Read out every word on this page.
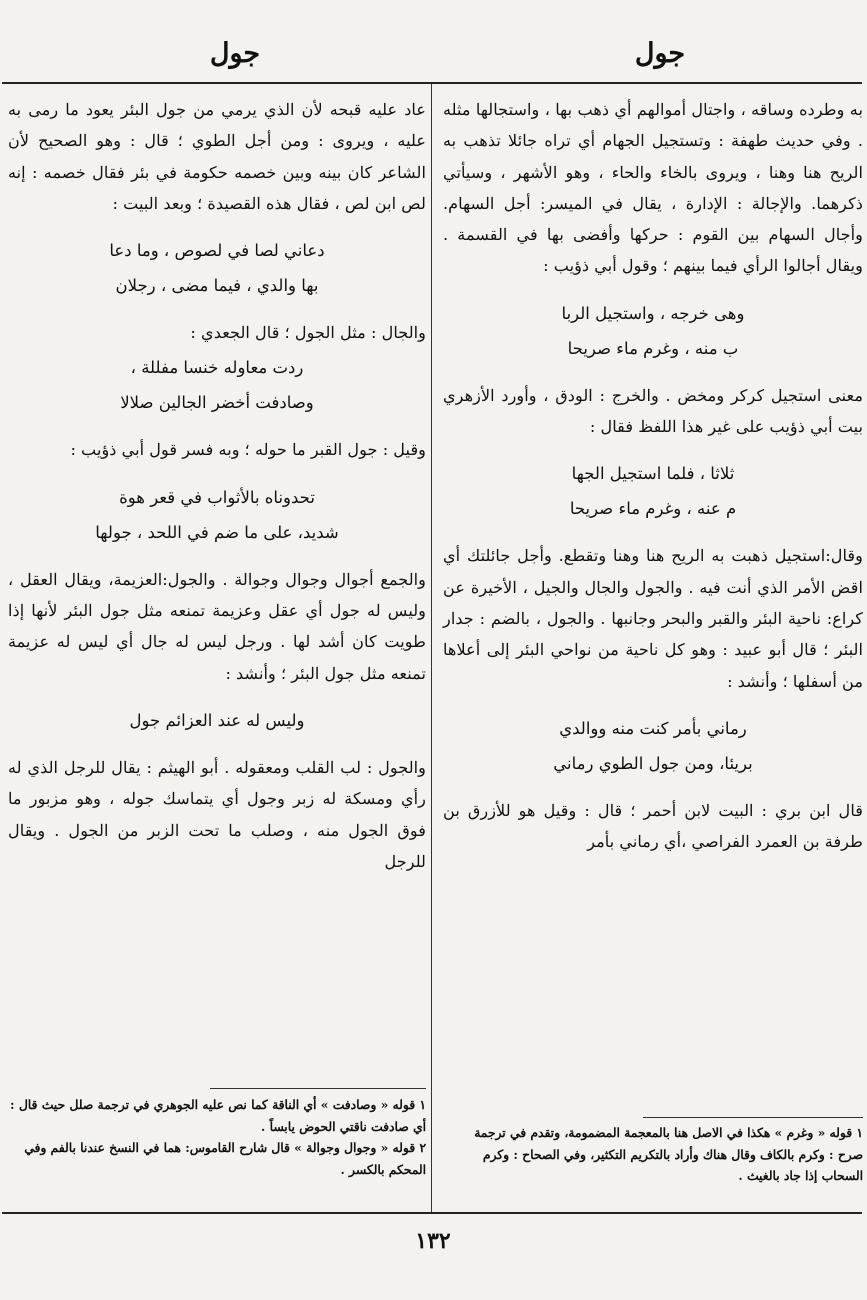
جول
جول

به وطرده وساقه ، واجتال أموالهم أي ذهب بها ، واستجالها مثله . وفي حديث طهفة : وتستجيل الجهام أي تراه جائلا تذهب به الريح هنا وهنا ، ويروى بالخاء والحاء ، وهو الأشهر ، وسيأتي ذكرهما. والإجالة : الإدارة ، يقال في الميسر: أجل السهام. وأجال السهام بين القوم : حركها وأفضى بها في القسمة . ويقال أجالوا الرأي فيما بينهم ؛ وقول أبي ذؤيب :

وهى خرجه ، واستجيل الربا
ب منه ، وغرم ماء صريحا

معنى استجيل كركر ومخض . والخرج : الودق ، وأورد الأزهري بيت أبي ذؤيب على غير هذا اللفظ فقال :

ثلاثا ، فلما استجيل الجها
م عنه ، وغرم ماء صريحا

وقال:استجيل ذهبت به الريح هنا وهنا وتقطع. وأجل جائلتك أي اقض الأمر الذي أنت فيه . والجول والجال والجيل ، الأخيرة عن كراع: ناحية البئر والقبر والبحر وجانبها . والجول ، بالضم : جدار البئر ؛ قال أبو عبيد : وهو كل ناحية من نواحي البئر إلى أعلاها من أسفلها ؛ وأنشد :

رماني بأمر كنت منه ووالدي
بريئا، ومن جول الطوي رماني

قال ابن بري : البيت لابن أحمر ؛ قال : وقيل هو للأزرق بن طرفة بن العمرد الفراصي ،أي رماني بأمر

عاد عليه قبحه لأن الذي يرمي من جول البئر يعود ما رمى به عليه ، ويروى : ومن أجل الطوي ؛ قال : وهو الصحيح لأن الشاعر كان بينه وبين خصمه حكومة في بئر فقال خصمه : إنه لص ابن لص ، فقال هذه القصيدة ؛ وبعد البيت :

دعاني لصا في لصوص ، وما دعا
بها والدي ، فيما مضى ، رجلان

والجال : مثل الجول ؛ قال الجعدي :

ردت معاوله خنسا مفللة ،
وصادفت أخضر الجالين صلالا

وقيل : جول القبر ما حوله ؛ وبه فسر قول أبي ذؤيب :

تحدوناه بالأثواب في قعر هوة
شديد، على ما ضم في اللحد ، جولها

والجمع أجوال وجوال وجوالة . والجول:العزيمة، ويقال العقل ، وليس له جول أي عقل وعزيمة تمنعه مثل جول البئر لأنها إذا طويت كان أشد لها . ورجل ليس له جال أي ليس له عزيمة تمنعه مثل جول البئر ؛ وأنشد :

وليس له عند العزائم جول

والجول : لب القلب ومعقوله . أبو الهيثم : يقال للرجل الذي له رأي ومسكة له زبر وجول أي يتماسك جوله ، وهو مزبور ما فوق الجول منه ، وصلب ما تحت الزبر من الجول . ويقال للرجل

١ قوله « وغرم » هكذا في الاصل هنا بالمعجمة المضمومة، وتقدم في ترجمة صرح : وكرم بالكاف وقال هناك وأراد بالتكريم التكثير، وفي الصحاح : وكرم السحاب إذا جاد بالغيث .

١ قوله « وصادفت » أي الناقة كما نص عليه الجوهري في ترجمة صلل حيث قال : أي صادفت ناقتي الحوض يابساً .

٢ قوله « وجوال وجوالة » قال شارح القاموس: هما في النسخ عندنا بالفم وفي المحكم بالكسر .

١٣٢
